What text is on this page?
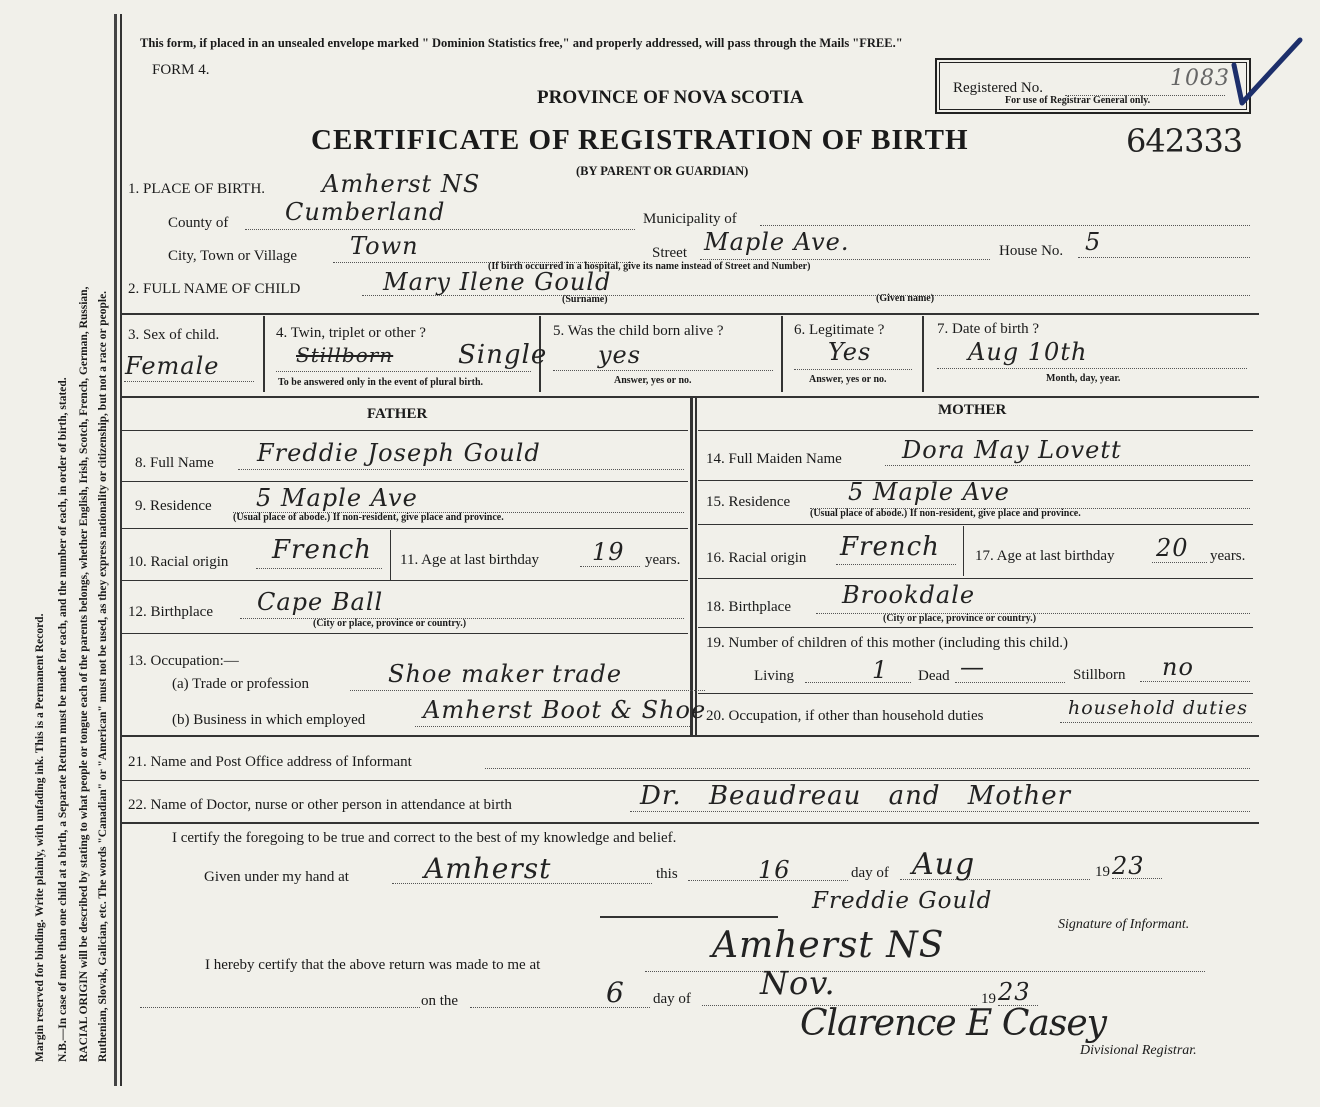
Margin reserved for binding. Write plainly, with unfading ink. This is a Permanent Record. N.B.—In case of more than one child at a birth, a Separate Return must be made for each, and the number of each, in order of birth, stated. RACIAL ORIGIN will be described by stating to what people or tongue each of the parents belongs, whether English, Irish, Scotch, French, German, Russian, Ruthenian, Slovak, Galician, etc. The words "Canadian" or "American" must not be used, as they express nationality or citizenship, but not a race or people.
This form, if placed in an unsealed envelope marked " Dominion Statistics free," and properly addressed, will pass through the Mails "FREE."
FORM 4.
PROVINCE OF NOVA SCOTIA	Registered No.	1083
For use of Registrar General only.
CERTIFICATE OF REGISTRATION OF BIRTH	642333
(BY PARENT OR GUARDIAN)
1. PLACE OF BIRTH. Amherst NS
County of Cumberland	Municipality of
City, Town or Village Town	Street Maple Ave.	House No. 5
(If birth occurred in a hospital, give its name instead of Street and Number)
2. FULL NAME OF CHILD	Mary Ilene Gould
(Surname)	(Given name)
3. Sex of child.
Female
4. Twin, triplet or other ?
Stillborn Single
To be answered only in the event of plural birth.
5. Was the child born alive ?
yes
Answer, yes or no.
6. Legitimate ?
Yes
Answer, yes or no.
7. Date of birth ?
Aug 10th
Month, day, year.
FATHER	MOTHER
8. Full Name Freddie Joseph Gould
9. Residence 5 Maple Ave
(Usual place of abode.) If non-resident, give place and province.
10. Racial origin French 11. Age at last birthday 19 years.
12. Birthplace Cape Ball
(City or place, province or country.)
13. Occupation:—
(a) Trade or profession	Shoe maker trade
(b) Business in which employed Amherst Boot & Shoe
14. Full Maiden Name	Dora May Lovett
15. Residence 5 Maple Ave
(Usual place of abode.) If non-resident, give place and province.
16. Racial origin French 17. Age at last birthday 20 years.
18. Birthplace Brookdale
(City or place, province or country.)
19. Number of children of this mother (including this child.)
Living	1 Dead —	Stillborn no
20. Occupation, if other than household duties	household duties
21. Name and Post Office address of Informant
22. Name of Doctor, nurse or other person in attendance at birth	Dr. Beaudreau and Mother
I certify the foregoing to be true and correct to the best of my knowledge and belief.
Given under my hand at	Amherst	this	16	day of Aug	19 23
Freddie Gould
Signature of Informant.
I hereby certify that the above return was made to me at	Amherst NS
on the	6 day of Nov.	19 23
Clarence E Casey
Divisional Registrar.
